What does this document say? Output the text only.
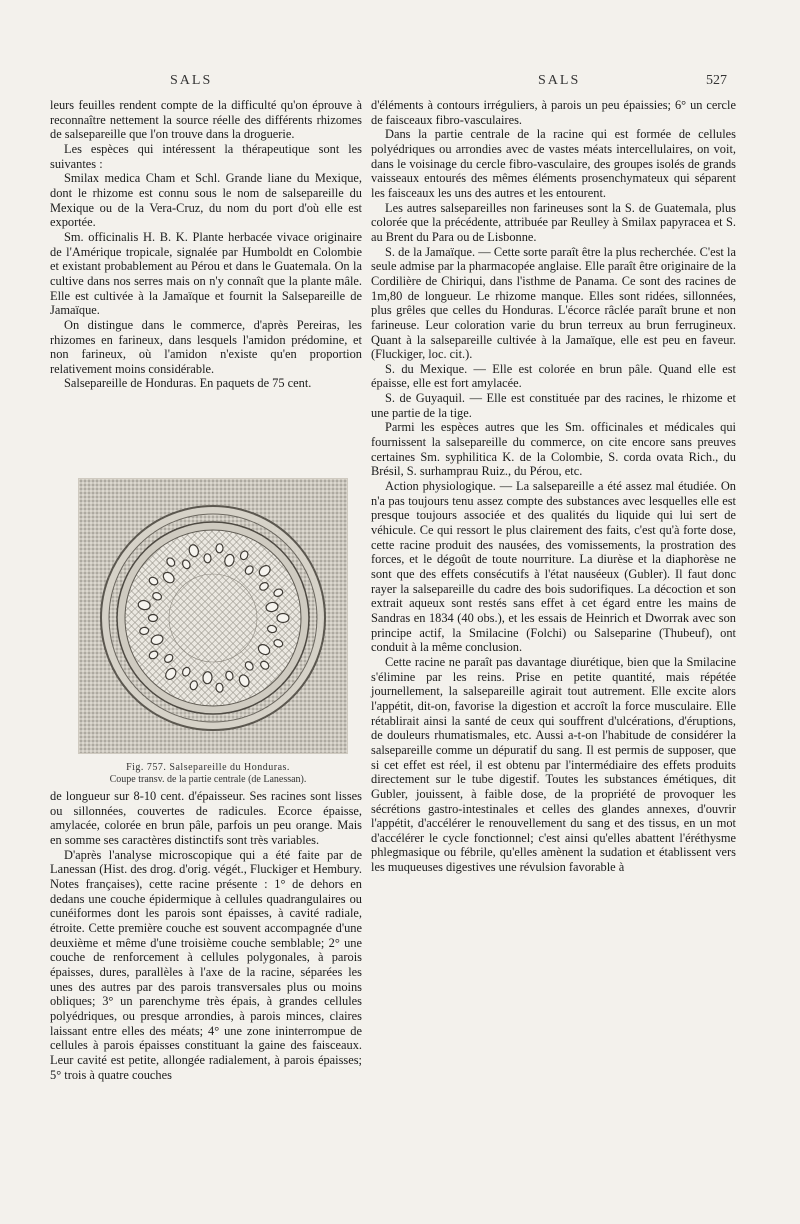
SALS	SALS	527

leurs feuilles rendent compte de la difficulté qu'on éprouve à reconnaître nettement la source réelle des différents rhizomes de salsepareille que l'on trouve dans la droguerie.

Les espèces qui intéressent la thérapeutique sont les suivantes :

Smilax medica Cham et Schl. Grande liane du Mexique, dont le rhizome est connu sous le nom de salsepareille du Mexique ou de la Vera-Cruz, du nom du port d'où elle est exportée.

Sm. officinalis H. B. K. Plante herbacée vivace originaire de l'Amérique tropicale, signalée par Humboldt en Colombie et existant probablement au Pérou et dans le Guatemala. On la cultive dans nos serres mais on n'y connaît que la plante mâle. Elle est cultivée à la Jamaïque et fournit la Salsepareille de Jamaïque.

On distingue dans le commerce, d'après Pereiras, les rhizomes en farineux, dans lesquels l'amidon prédomine, et non farineux, où l'amidon n'existe qu'en proportion relativement moins considérable.

Salsepareille de Honduras. En paquets de 75 cent.

de longueur sur 8-10 cent. d'épaisseur. Ses racines sont lisses ou sillonnées, couvertes de radicules. Ecorce épaisse, amylacée, colorée en brun pâle, parfois un peu orange. Mais en somme ses caractères distinctifs sont très variables.

D'après l'analyse microscopique qui a été faite par de Lanessan (Hist. des drog. d'orig. végét., Fluckiger et Hembury. Notes françaises), cette racine présente : 1° de dehors en dedans une couche épidermique à cellules quadrangulaires ou cunéiformes dont les parois sont épaisses, à cavité radiale, étroite. Cette première couche est souvent accompagnée d'une deuxième et même d'une troisième couche semblable; 2° une couche de renforcement à cellules polygonales, à parois épaisses, dures, parallèles à l'axe de la racine, séparées les unes des autres par des parois transversales plus ou moins obliques; 3° un parenchyme très épais, à grandes cellules polyédriques, ou presque arrondies, à parois minces, claires laissant entre elles des méats; 4° une zone ininterrompue de cellules à parois épaisses constituant la gaine des faisceaux. Leur cavité est petite, allongée radialement, à parois épaisses; 5° trois à quatre couches

Fig. 757. Salsepareille du Honduras.
Coupe transv. de la partie centrale (de Lanessan).

d'éléments à contours irréguliers, à parois un peu épaissies; 6° un cercle de faisceaux fibro-vasculaires.

Dans la partie centrale de la racine qui est formée de cellules polyédriques ou arrondies avec de vastes méats intercellulaires, on voit, dans le voisinage du cercle fibro-vasculaire, des groupes isolés de grands vaisseaux entourés des mêmes éléments prosenchymateux qui séparent les faisceaux les uns des autres et les entourent.

Les autres salsepareilles non farineuses sont la S. de Guatemala, plus colorée que la précédente, attribuée par Reulley à Smilax papyracea et S. au Brent du Para ou de Lisbonne.

S. de la Jamaïque. — Cette sorte paraît être la plus recherchée. C'est la seule admise par la pharmacopée anglaise. Elle paraît être originaire de la Cordilière de Chiriqui, dans l'isthme de Panama. Ce sont des racines de 1m,80 de longueur. Le rhizome manque. Elles sont ridées, sillonnées, plus grêles que celles du Honduras. L'écorce râclée paraît brune et non farineuse. Leur coloration varie du brun terreux au brun ferrugineux. Quant à la salsepareille cultivée à la Jamaïque, elle est peu en faveur. (Fluckiger, loc. cit.).

S. du Mexique. — Elle est colorée en brun pâle. Quand elle est épaisse, elle est fort amylacée.

S. de Guyaquil. — Elle est constituée par des racines, le rhizome et une partie de la tige.

Parmi les espèces autres que les Sm. officinales et médicales qui fournissent la salsepareille du commerce, on cite encore sans preuves certaines Sm. syphilitica K. de la Colombie, S. corda ovata Rich., du Brésil, S. surhamprau Ruiz., du Pérou, etc.

Action physiologique. — La salsepareille a été assez mal étudiée. On n'a pas toujours tenu assez compte des substances avec lesquelles elle est presque toujours associée et des qualités du liquide qui lui sert de véhicule. Ce qui ressort le plus clairement des faits, c'est qu'à forte dose, cette racine produit des nausées, des vomissements, la prostration des forces, et le dégoût de toute nourriture. La diurèse et la diaphorèse ne sont que des effets consécutifs à l'état nauséeux (Gubler). Il faut donc rayer la salsepareille du cadre des bois sudorifiques. La décoction et son extrait aqueux sont restés sans effet à cet égard entre les mains de Sandras en 1834 (40 obs.), et les essais de Heinrich et Dworrak avec son principe actif, la Smilacine (Folchi) ou Salseparine (Thubeuf), ont conduit à la même conclusion.

Cette racine ne paraît pas davantage diurétique, bien que la Smilacine s'élimine par les reins. Prise en petite quantité, mais répétée journellement, la salsepareille agirait tout autrement. Elle excite alors l'appétit, dit-on, favorise la digestion et accroît la force musculaire. Elle rétablirait ainsi la santé de ceux qui souffrent d'ulcérations, d'éruptions, de douleurs rhumatismales, etc. Aussi a-t-on l'habitude de considérer la salsepareille comme un dépuratif du sang. Il est permis de supposer, que si cet effet est réel, il est obtenu par l'intermédiaire des effets produits directement sur le tube digestif. Toutes les substances émétiques, dit Gubler, jouissent, à faible dose, de la propriété de provoquer les sécrétions gastro-intestinales et celles des glandes annexes, d'ouvrir l'appétit, d'accélérer le renouvellement du sang et des tissus, en un mot d'accélérer le cycle fonctionnel; c'est ainsi qu'elles abattent l'éréthysme phlegmasique ou fébrile, qu'elles amènent la sudation et établissent vers les muqueuses digestives une révulsion favorable à
